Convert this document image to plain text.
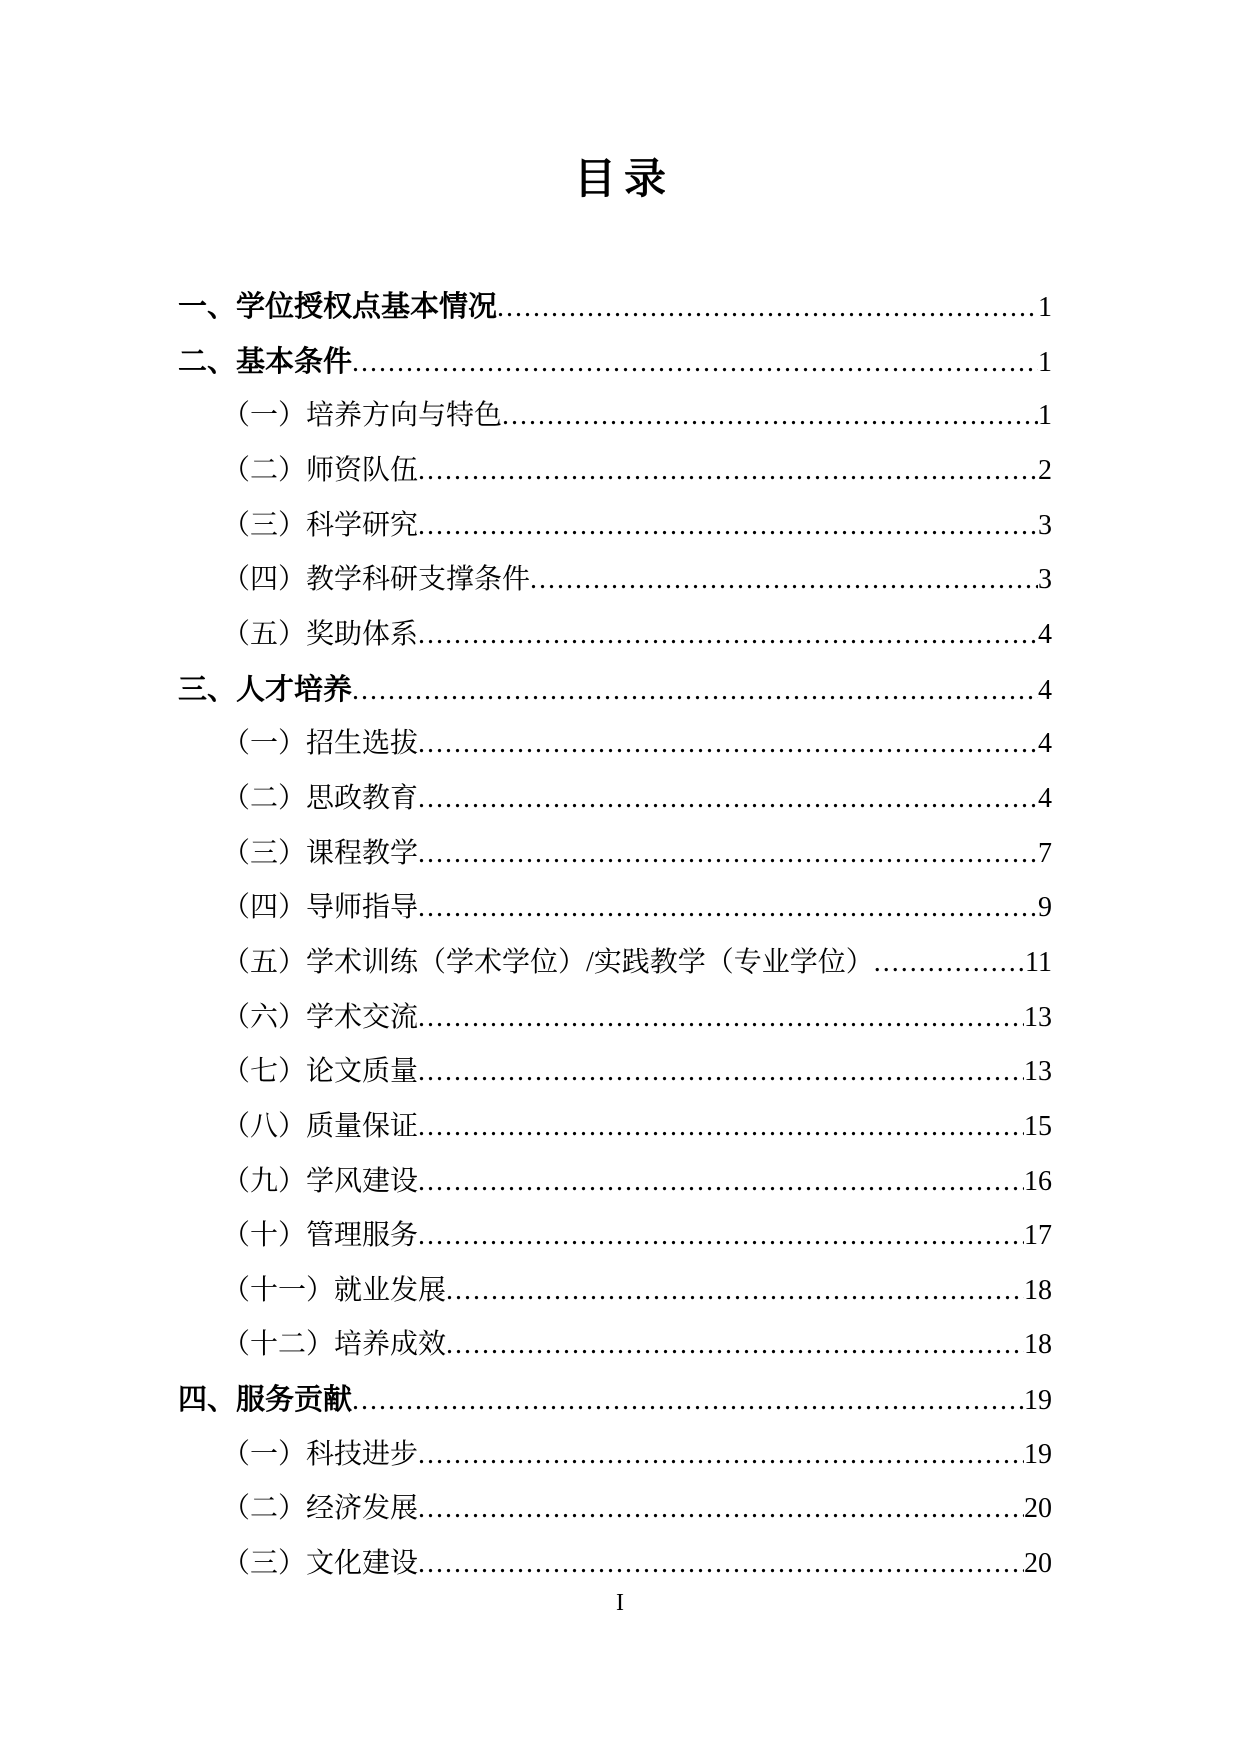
目录
一、学位授权点基本情况 .....	1
二、基本条件 .....	1
（一）培养方向与特色 .....	1
（二）师资队伍 .....	2
（三）科学研究 .....	3
（四）教学科研支撑条件 .....	3
（五）奖助体系 .....	4
三、人才培养 .....	4
（一）招生选拔 .....	4
（二）思政教育 .....	4
（三）课程教学 .....	7
（四）导师指导 .....	9
（五）学术训练（学术学位）/实践教学（专业学位） .....	11
（六）学术交流 .....	13
（七）论文质量 .....	13
（八）质量保证 .....	15
（九）学风建设 .....	16
（十）管理服务 .....	17
（十一）就业发展 .....	18
（十二）培养成效 .....	18
四、服务贡献 .....	19
（一）科技进步 .....	19
（二）经济发展 .....	20
（三）文化建设 .....	20
I
